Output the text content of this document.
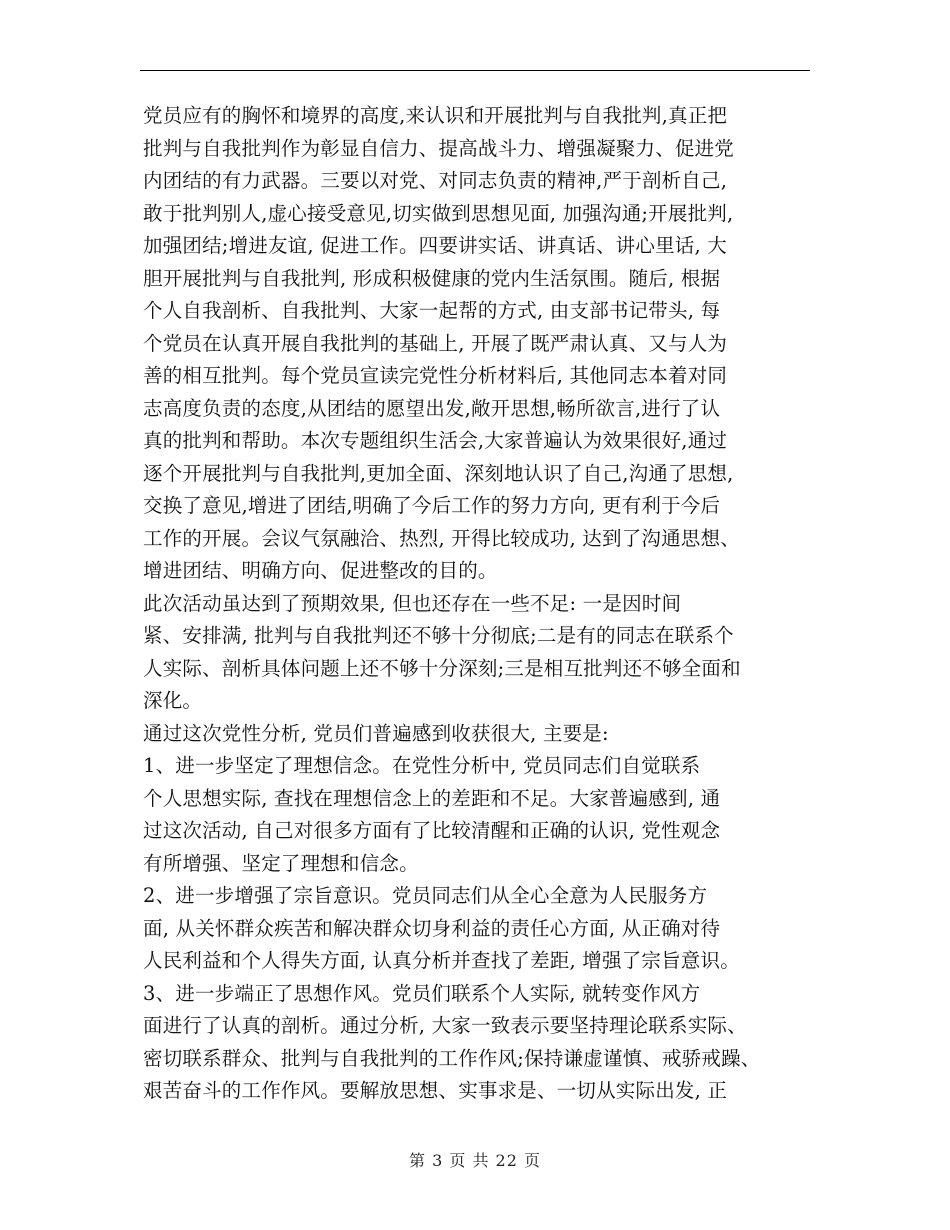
党员应有的胸怀和境界的高度,来认识和开展批判与自我批判,真正把
批判与自我批判作为彰显自信力、提高战斗力、增强凝聚力、促进党
内团结的有力武器。三要以对党、对同志负责的精神,严于剖析自己,
敢于批判别人,虚心接受意见,切实做到思想见面, 加强沟通;开展批判,
加强团结;增进友谊, 促进工作。四要讲实话、讲真话、讲心里话, 大
胆开展批判与自我批判, 形成积极健康的党内生活氛围。随后, 根据
个人自我剖析、自我批判、大家一起帮的方式, 由支部书记带头, 每
个党员在认真开展自我批判的基础上, 开展了既严肃认真、又与人为
善的相互批判。每个党员宣读完党性分析材料后, 其他同志本着对同
志高度负责的态度,从团结的愿望出发,敞开思想,畅所欲言,进行了认
真的批判和帮助。本次专题组织生活会,大家普遍认为效果很好,通过
逐个开展批判与自我批判,更加全面、深刻地认识了自己,沟通了思想,
交换了意见,增进了团结,明确了今后工作的努力方向, 更有利于今后
工作的开展。会议气氛融洽、热烈, 开得比较成功, 达到了沟通思想、
增进团结、明确方向、促进整改的目的。
此次活动虽达到了预期效果, 但也还存在一些不足: 一是因时间
紧、安排满, 批判与自我批判还不够十分彻底;二是有的同志在联系个
人实际、剖析具体问题上还不够十分深刻;三是相互批判还不够全面和
深化。
通过这次党性分析, 党员们普遍感到收获很大, 主要是:
1、进一步坚定了理想信念。在党性分析中, 党员同志们自觉联系
个人思想实际, 查找在理想信念上的差距和不足。大家普遍感到, 通
过这次活动, 自己对很多方面有了比较清醒和正确的认识, 党性观念
有所增强、坚定了理想和信念。
2、进一步增强了宗旨意识。党员同志们从全心全意为人民服务方
面, 从关怀群众疾苦和解决群众切身利益的责任心方面, 从正确对待
人民利益和个人得失方面, 认真分析并查找了差距, 增强了宗旨意识。
3、进一步端正了思想作风。党员们联系个人实际, 就转变作风方
面进行了认真的剖析。通过分析, 大家一致表示要坚持理论联系实际、
密切联系群众、批判与自我批判的工作作风;保持谦虚谨慎、戒骄戒躁、
艰苦奋斗的工作作风。要解放思想、实事求是、一切从实际出发, 正
第 3 页 共 22 页
